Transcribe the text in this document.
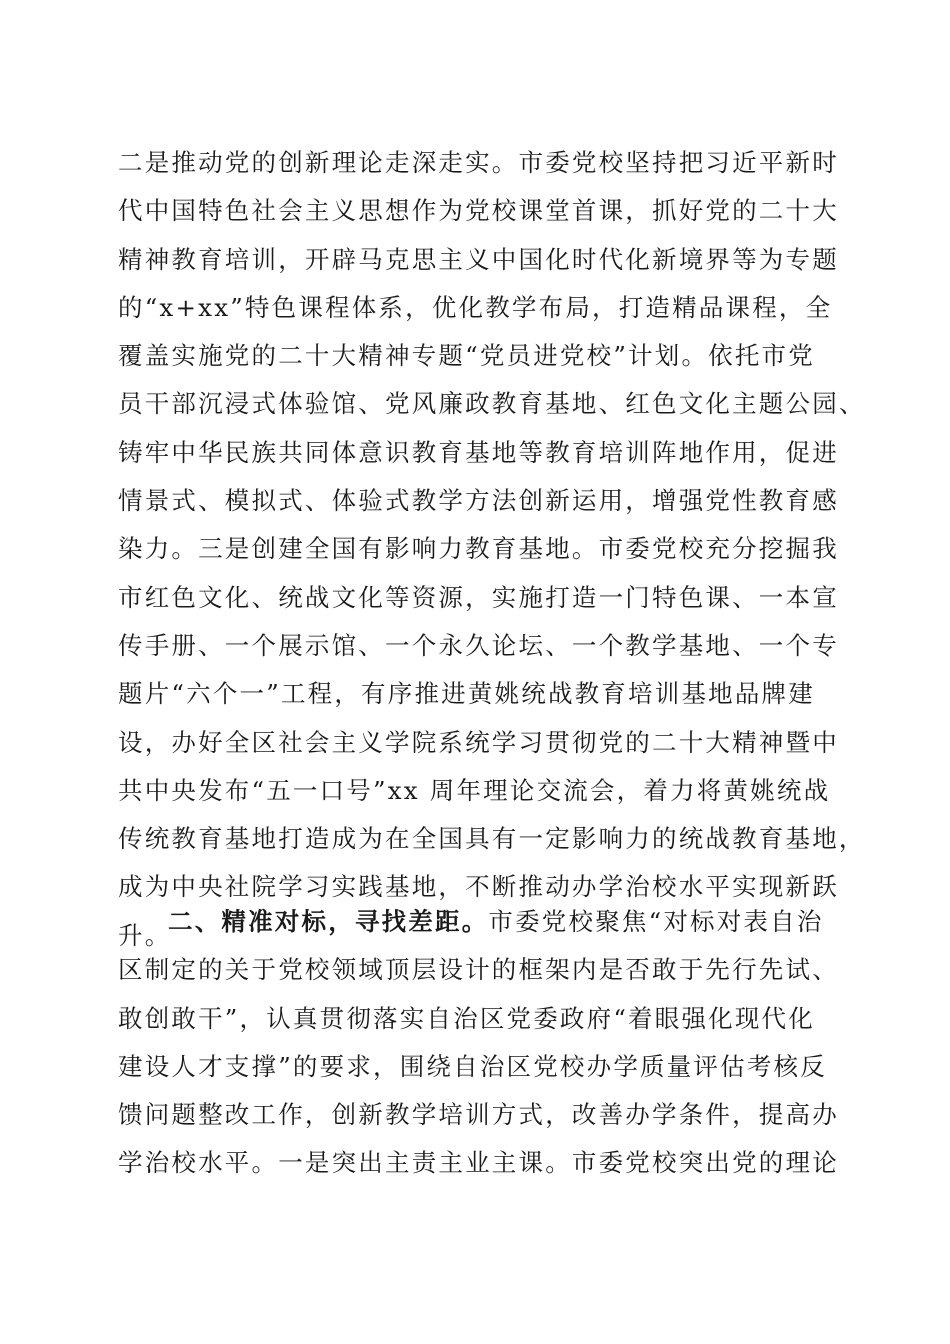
二是推动党的创新理论走深走实。市委党校坚持把习近平新时
代中国特色社会主义思想作为党校课堂首课，抓好党的二十大
精神教育培训，开辟马克思主义中国化时代化新境界等为专题
的“x+xx”特色课程体系，优化教学布局，打造精品课程，全
覆盖实施党的二十大精神专题“党员进党校”计划。依托市党
员干部沉浸式体验馆、党风廉政教育基地、红色文化主题公园、
铸牢中华民族共同体意识教育基地等教育培训阵地作用，促进
情景式、模拟式、体验式教学方法创新运用，增强党性教育感
染力。三是创建全国有影响力教育基地。市委党校充分挖掘我
市红色文化、统战文化等资源，实施打造一门特色课、一本宣
传手册、一个展示馆、一个永久论坛、一个教学基地、一个专
题片“六个一”工程，有序推进黄姚统战教育培训基地品牌建
设，办好全区社会主义学院系统学习贯彻党的二十大精神暨中
共中央发布“五一口号”xx 周年理论交流会，着力将黄姚统战
传统教育基地打造成为在全国具有一定影响力的统战教育基地，
成为中央社院学习实践基地，不断推动办学治校水平实现新跃
升。
二、精准对标，寻找差距。市委党校聚焦“对标对表自治
区制定的关于党校领域顶层设计的框架内是否敢于先行先试、
敢创敢干”，认真贯彻落实自治区党委政府“着眼强化现代化
建设人才支撑”的要求，围绕自治区党校办学质量评估考核反
馈问题整改工作，创新教学培训方式，改善办学条件，提高办
学治校水平。一是突出主责主业主课。市委党校突出党的理论
